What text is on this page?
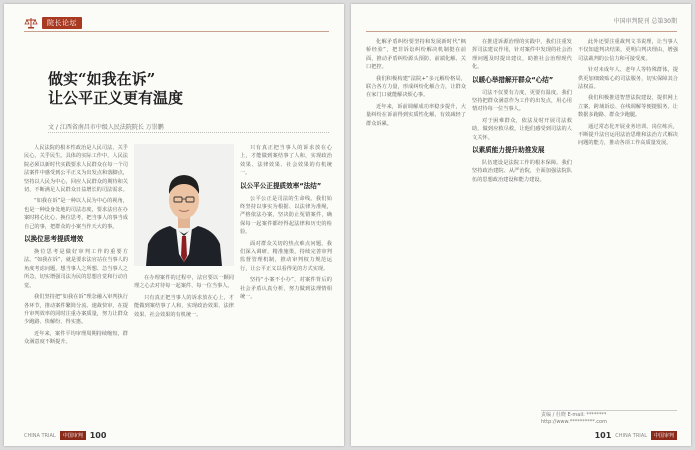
院长论坛
做实“如我在诉”
让公平正义更有温度
文 / 江西省南昌市中级人民法院院长 万崇鹏

人民法院的根本性政治是人民司法，关乎民心，关乎民生。具体的实际工作中，人民法院必须以新时代实践要求人民群众在每一个司法案件中感受到公平正义为出发点和落脚点，坚持以人民为中心，回应人民群众的期待和关切，不断满足人民群众日益增长的司法需求。

“如我在诉”是一种以人民为中心的视角，也是一种设身处地的司法态度，要求法官在办案时将心比心、换位思考，把当事人的事当成自己的事，把群众的小案当作天大的事。

以换位思考提质增效

换位思考是做好审判工作的重要方法。“如我在诉”，就是要求法官站在当事人的角度考虑问题，想当事人之所想、急当事人之所急，切实增强司法为民的思想自觉和行动自觉。

我们坚持把“如我在诉”理念融入审判执行各环节，推动案件繁简分流、速裁快审，在提升审判效率的同时注重办案质量，努力让群众少跑路、快解纷、得实惠。

近年来，案件平均审理周期持续缩短，群众满意度不断提升。

在办理案件的过程中，法官要以一颗同理之心去对待每一起案件、每一位当事人。

只有真正把当事人的诉求放在心上，才能做到案结事了人和，实现政治效果、法律效果、社会效果的有机统一。

只有真正把当事人的诉求放在心上，才能做到案结事了人和，实现政治效果、法律效果、社会效果的有机统一。

以公平公正提质效率“法结”

公平公正是司法的生命线。我们始终坚持以事实为根据、以法律为准绳，严格依法办案，坚决防止冤错案件，确保每一起案件都经得起法律和历史的检验。

面对群众关切的热点难点问题，我们深入调研、精准施策，持续完善审判监督管理机制，推动审判权力规范运行，让公平正义以看得见的方式实现。

坚持“小案不小办”，对案件背后的社会矛盾认真分析，努力做到法理情相统一。

CHINA TRIAL	中国审判 100
中国审判院刊 总第30期

化解矛盾纠纷要坚持和发展新时代“枫桥经验”，把非诉讼纠纷解决机制挺在前面，推动矛盾纠纷源头预防、前端化解、关口把控。

我们积极构建“法院+”多元解纷格局，联合各方力量，形成纠纷化解合力，让群众在家门口就能解决烦心事。

近年来，诉前调解成功率稳步提升，大量纠纷在诉前得到实质性化解，有效减轻了群众诉累。

在推进诉源治理的实践中，我们注重发挥司法建议作用，针对案件中发现的社会治理问题及时提出建议，助推社会治理现代化。

以暖心举措解开群众“心结”

司法不仅要有力度，更要有温度。我们坚持把群众满意作为工作的出发点，用心用情对待每一位当事人。

对于困难群众，依法及时开展司法救助，做到应救尽救，让他们感受到司法的人文关怀。

以素质能力提升助推发展

队伍建设是法院工作的根本保障。我们坚持政治建院、从严治院，全面加强法院队伍的思想政治建设和能力建设。

此外还要注重裁判文书说理，让当事人不仅知道判决结果，更明白判决理由，增强司法裁判的公信力和可接受度。

针对未成年人、老年人等特殊群体，提供更加细致贴心的司法服务，切实保障其合法权益。

我们积极推进智慧法院建设，提供网上立案、跨域诉讼、在线调解等便捷服务，让数据多跑路、群众少跑腿。

通过常态化开展业务培训、岗位练兵，不断提升法官运用法治思维和法治方式解决问题的能力，推动各项工作高质量发展。

责编 / 杜晓 E-mail: ********
http://www.**********.com
101 CHINA TRIAL	中国审判
